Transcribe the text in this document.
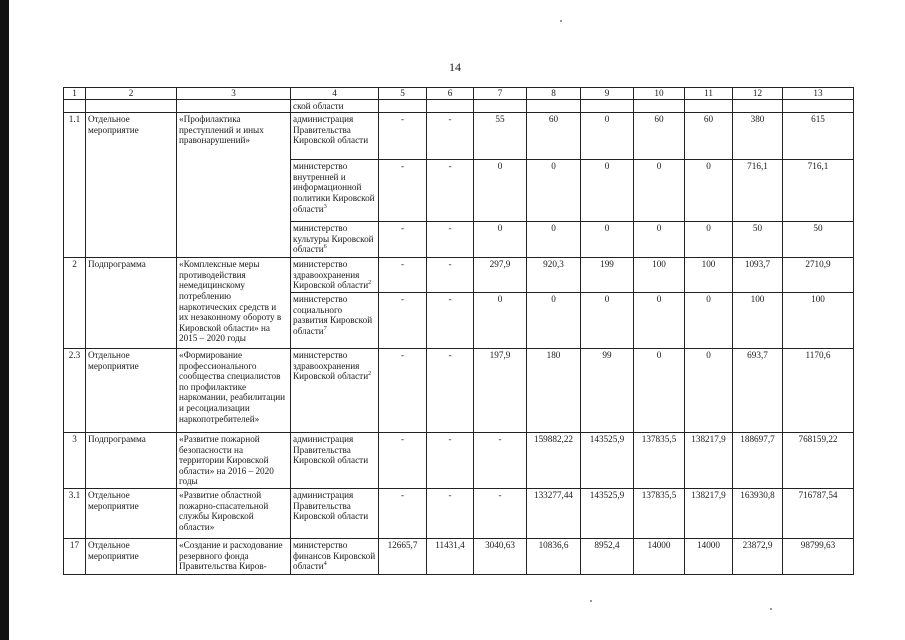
14
1	2	3	4	5	6	7	8	9	10	11	12	13
			ской области									
1.1	Отдельное мероприятие	«Профилактика преступлений и иных правонарушений»	администрация Правительства Кировской области	-	-	55	60	0	60	60	380	615
			министерство внутренней и информационной политики Кировской области$^3$	-	-	0	0	0	0	0	716,1	716,1
			министерство культуры Кировской области$^6$	-	-	0	0	0	0	0	50	50
2	Подпрограмма	«Комплексные меры противодействия немедицинскому потреблению наркотических средств и их незаконному обороту в Кировской области» на 2015 – 2020 годы	министерство здравоохранения Кировской области$^2$	-	-	297,9	920,3	199	100	100	1093,7	2710,9
			министерство социального развития Кировской области$^7$	-	-	0	0	0	0	0	100	100
2.3	Отдельное мероприятие	«Формирование профессионального сообщества специалистов по профилактике наркомании, реабилитации и ресоциализации наркопотребителей»	министерство здравоохранения Кировской области$^2$	-	-	197,9	180	99	0	0	693,7	1170,6
3	Подпрограмма	«Развитие пожарной безопасности на территории Кировской области» на 2016 – 2020 годы	администрация Правительства Кировской области	-	-	-	159882,22	143525,9	137835,5	138217,9	188697,7	768159,22
3.1	Отдельное мероприятие	«Развитие областной пожарно-спасательной службы Кировской области»	администрация Правительства Кировской области	-	-	-	133277,44	143525,9	137835,5	138217,9	163930,8	716787,54
17	Отдельное мероприятие	«Создание и расходование резервного фонда Правительства Киров-	министерство финансов Кировской области$^4$	12665,7	11431,4	3040,63	10836,6	8952,4	14000	14000	23872,9	98799,63
